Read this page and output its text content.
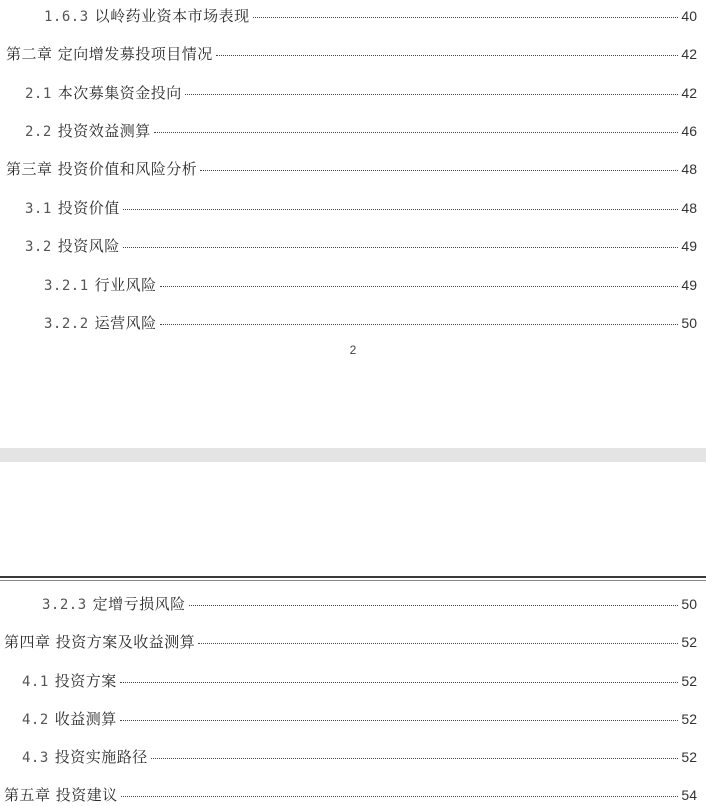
1.6.3 以岭药业资本市场表现	40
第二章 定向增发募投项目情况	42
2.1 本次募集资金投向	42
2.2 投资效益测算	46
第三章 投资价值和风险分析	48
3.1 投资价值	48
3.2 投资风险	49
3.2.1 行业风险	49
3.2.2 运营风险	50
2
3.2.3 定增亏损风险	50
第四章 投资方案及收益测算	52
4.1 投资方案	52
4.2 收益测算	52
4.3 投资实施路径	52
第五章 投资建议	54
